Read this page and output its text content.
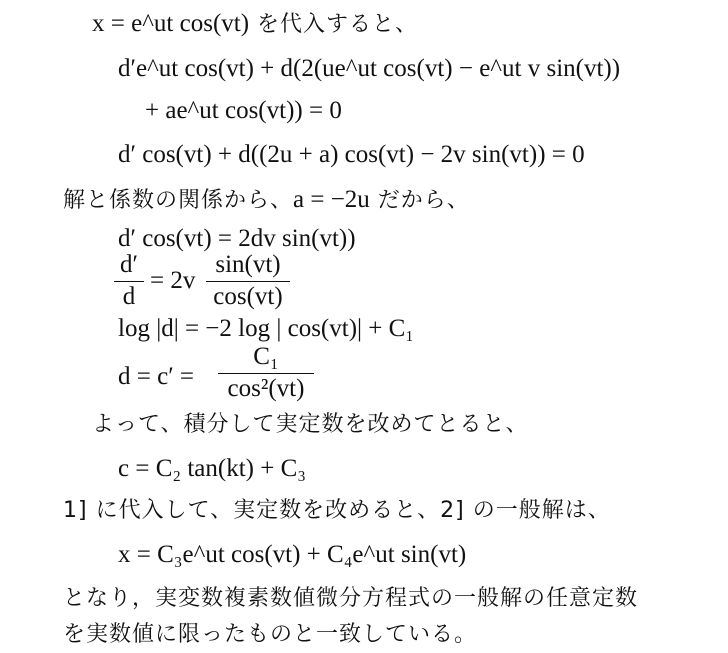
x = e^ut cos(vt) を代入すると、
d′e^ut cos(vt) + d(2(ue^ut cos(vt) − e^ut v sin(vt))
+ ae^ut cos(vt)) = 0
d′ cos(vt) + d((2u + a) cos(vt) − 2v sin(vt)) = 0
解と係数の関係から、a = −2u だから、
d′ cos(vt) = 2dv sin(vt))
d′
d
= 2v
sin(vt)
cos(vt)
log |d| = −2 log | cos(vt)| + C₁
d = c′ =
C₁
cos²(vt)
よって、積分して実定数を改めてとると、
c = C₂ tan(kt) + C₃
1] に代入して、実定数を改めると、2] の一般解は、
x = C₃e^ut cos(vt) + C₄e^ut sin(vt)
となり，実変数複素数値微分方程式の一般解の任意定数
を実数値に限ったものと一致している。
